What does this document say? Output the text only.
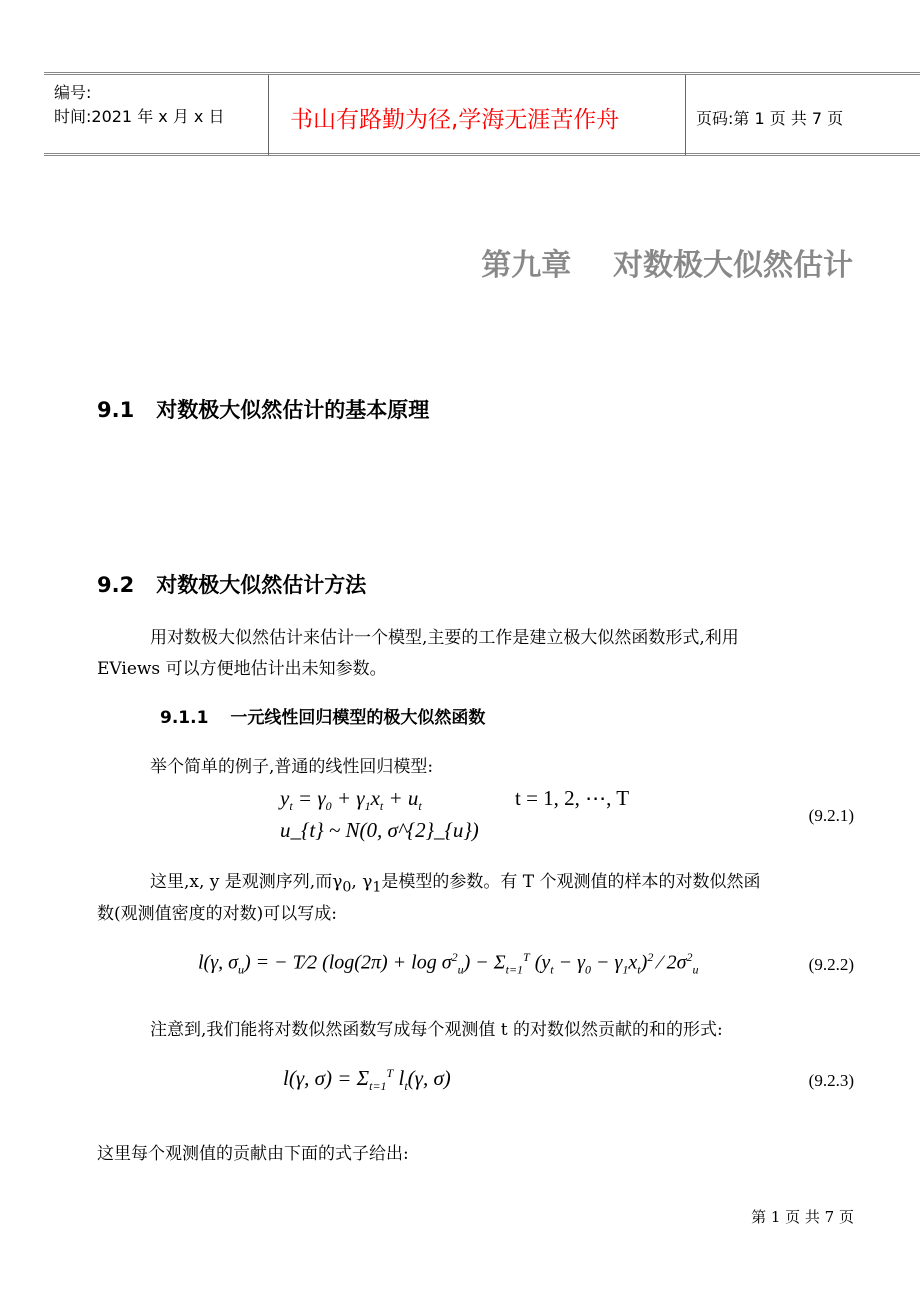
编号:
时间:2021 年 x 月 x 日	书山有路勤为径,学海无涯苦作舟	页码:第 1 页 共 7 页
第九章    对数极大似然估计
9.1 对数极大似然估计的基本原理
9.2 对数极大似然估计方法
用对数极大似然估计来估计一个模型,主要的工作是建立极大似然函数形式,利用
EViews 可以方便地估计出未知参数。
9.1.1 一元线性回归模型的极大似然函数
举个简单的例子,普通的线性回归模型:
$y_t = \gamma_0 + \gamma_1x_t + u_t$	t = 1, 2, ⋯, T
u_{t} ~ N(0, σ^{2}_{u})
(9.2.1)
这里,x, y 是观测序列,而$\gamma_0$, $\gamma_1$是模型的参数。有 T 个观测值的样本的对数似然函
数(观测值密度的对数)可以写成:
l(γ, $\sigma_u$) = − T⁄2 $(\log(2\pi) + \log \sigma^2_u) - \Sigma_{t=1}^T$ $(y_t - \gamma_0 - \gamma_1x_t)^2$ ⁄ $2\sigma^2_u$	(9.2.2)
注意到,我们能将对数似然函数写成每个观测值 t 的对数似然贡献的和的形式:
l(γ, $\sigma) = \Sigma_{t=1}^T$ $l_t(\gamma$, σ)	(9.2.3)
这里每个观测值的贡献由下面的式子给出:
第 1 页 共 7 页
